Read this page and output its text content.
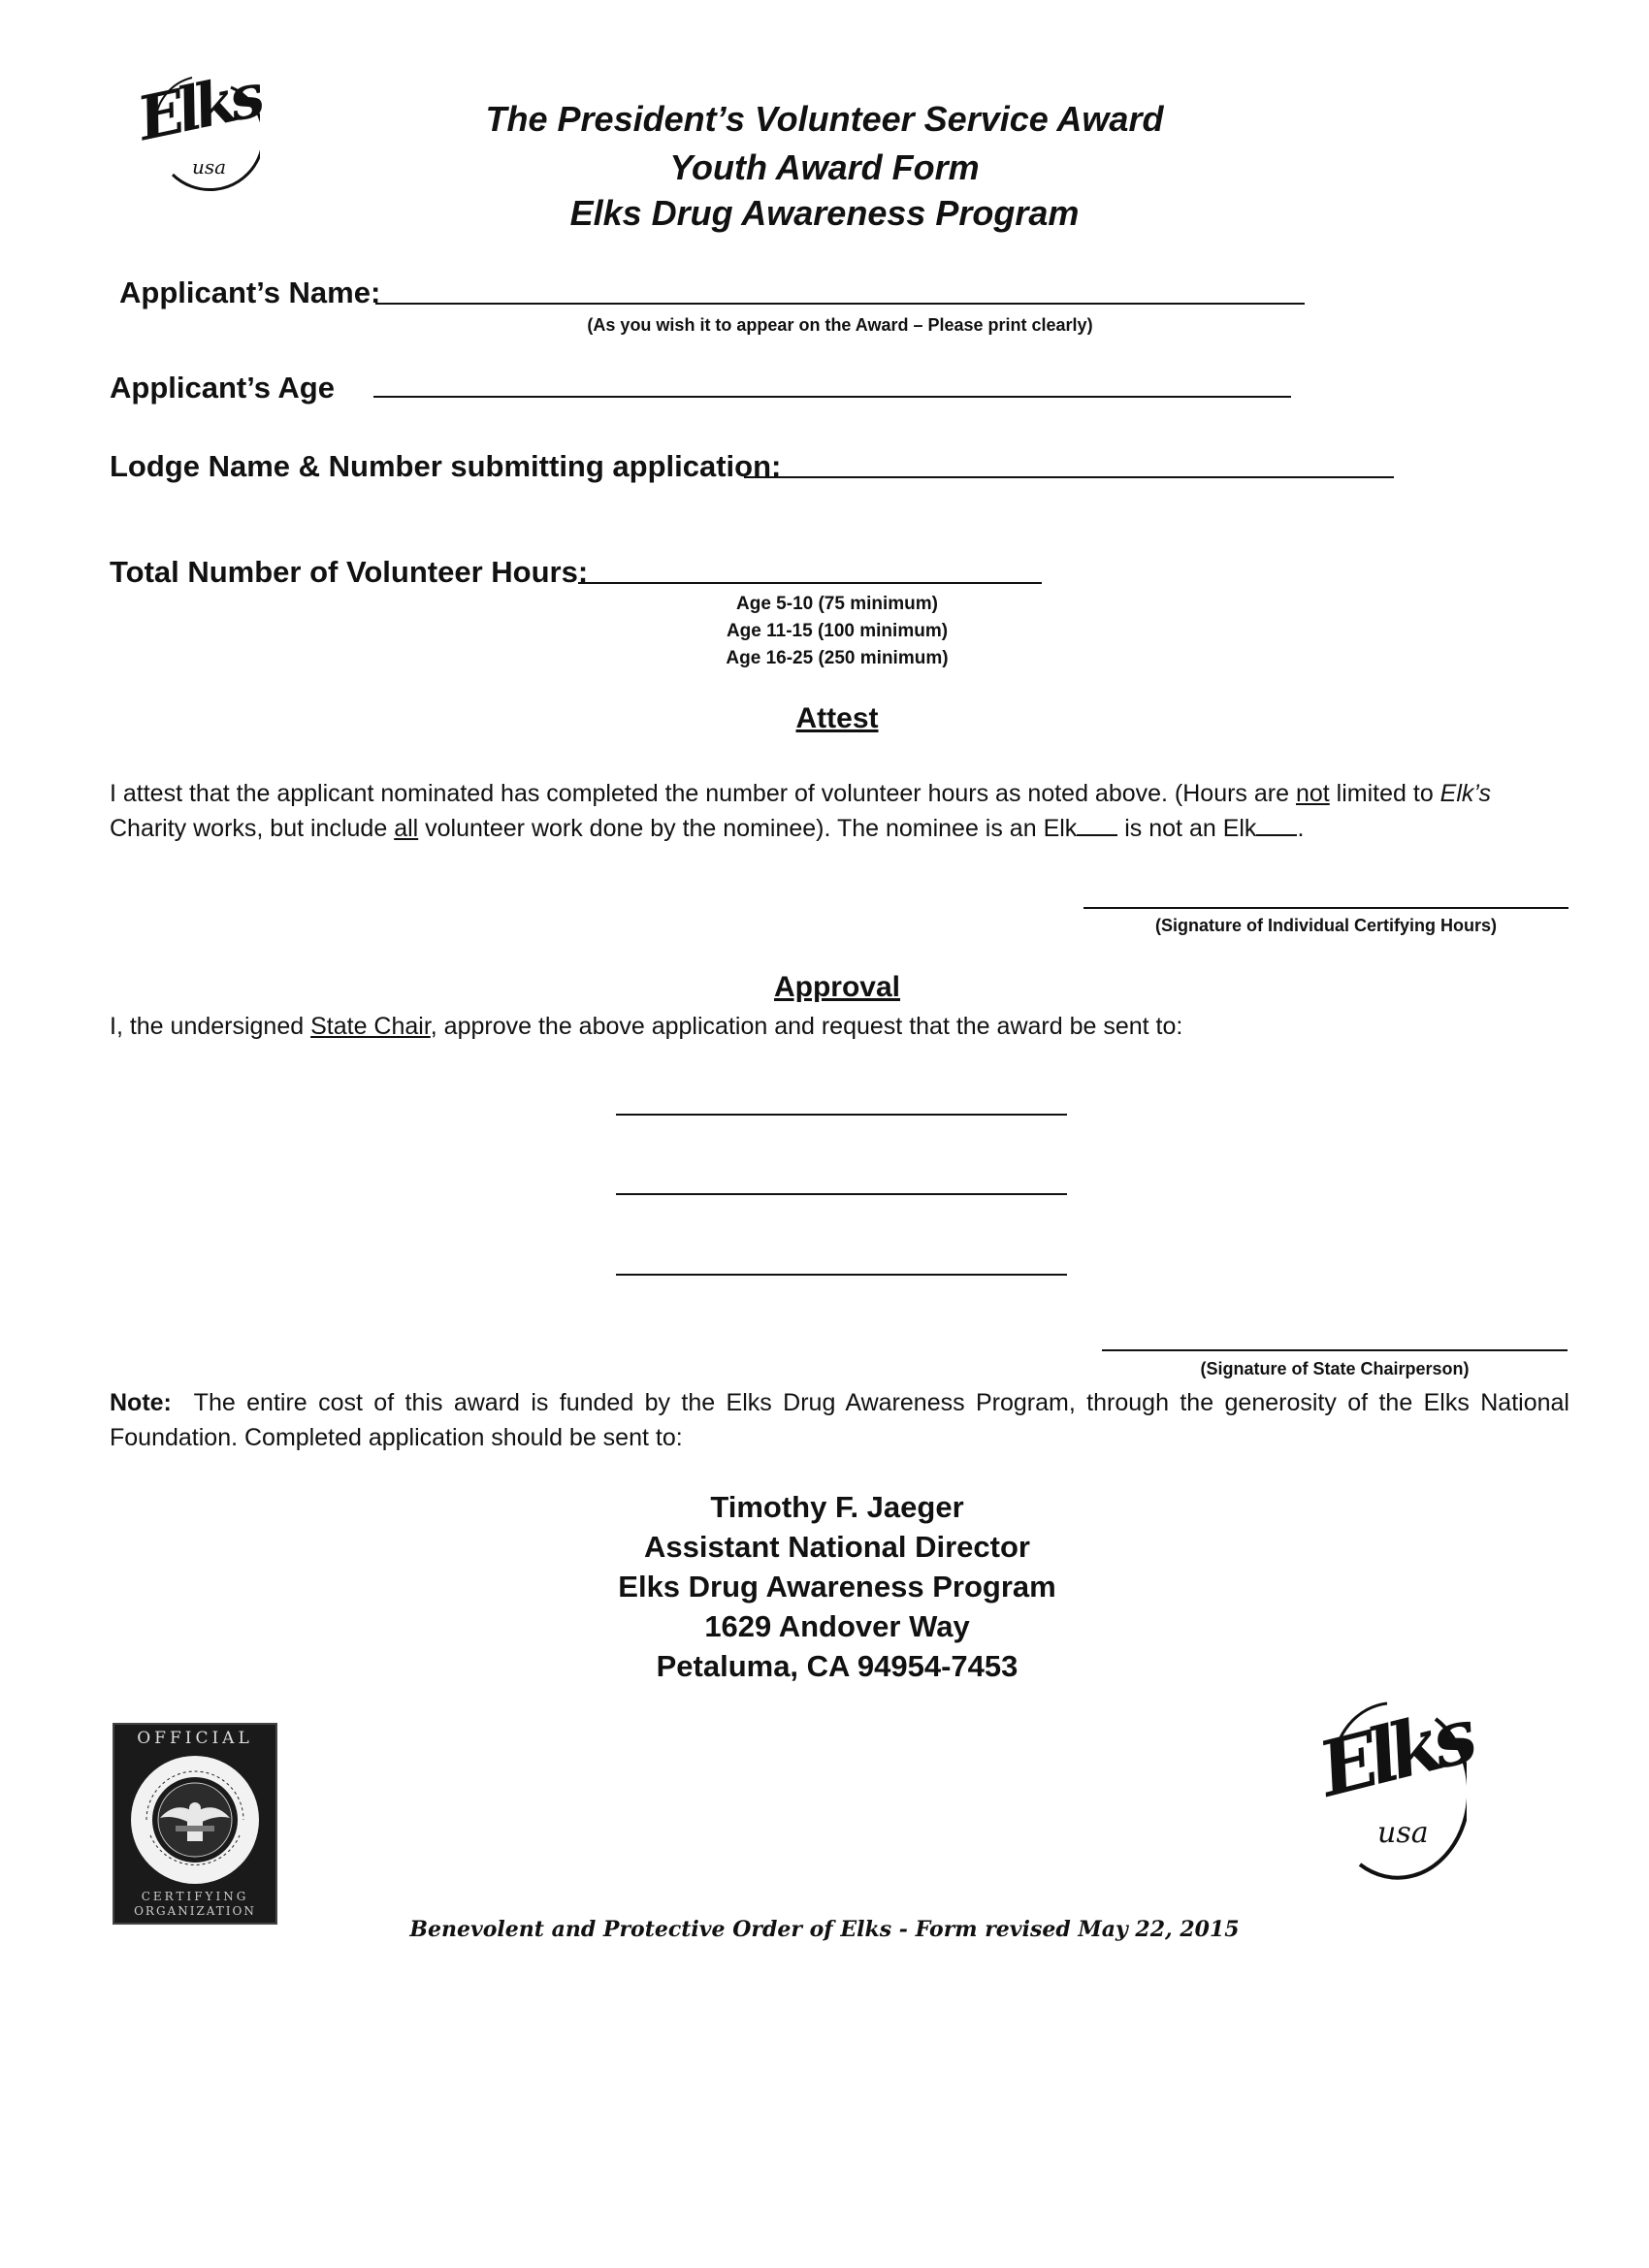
Elks
usa
The President’s Volunteer Service Award
Youth Award Form
Elks Drug Awareness Program
Applicant’s Name:
(As you wish it to appear on the Award – Please print clearly)
Applicant’s Age
Lodge Name & Number submitting application:
Total Number of Volunteer Hours:
Age 5-10 (75 minimum)
Age 11-15 (100 minimum)
Age 16-25 (250 minimum)
Attest
I attest that the applicant nominated has completed the number of volunteer hours as noted above. (Hours are not limited to Elk’s
Charity works, but include all volunteer work done by the nominee). The nominee is an Elk is not an Elk .
(Signature of Individual Certifying Hours)
Approval
I, the undersigned State Chair, approve the above application and request that the award be sent to:
(Signature of State Chairperson)
Note: The entire cost of this award is funded by the Elks Drug Awareness Program, through the generosity of the Elks National
Foundation. Completed application should be sent to:
Timothy F. Jaeger
Assistant National Director
Elks Drug Awareness Program
1629 Andover Way
Petaluma, CA 94954-7453
OFFICIAL
CERTIFYING
ORGANIZATION
Elks
usa
Benevolent and Protective Order of Elks - Form revised May 22, 2015
